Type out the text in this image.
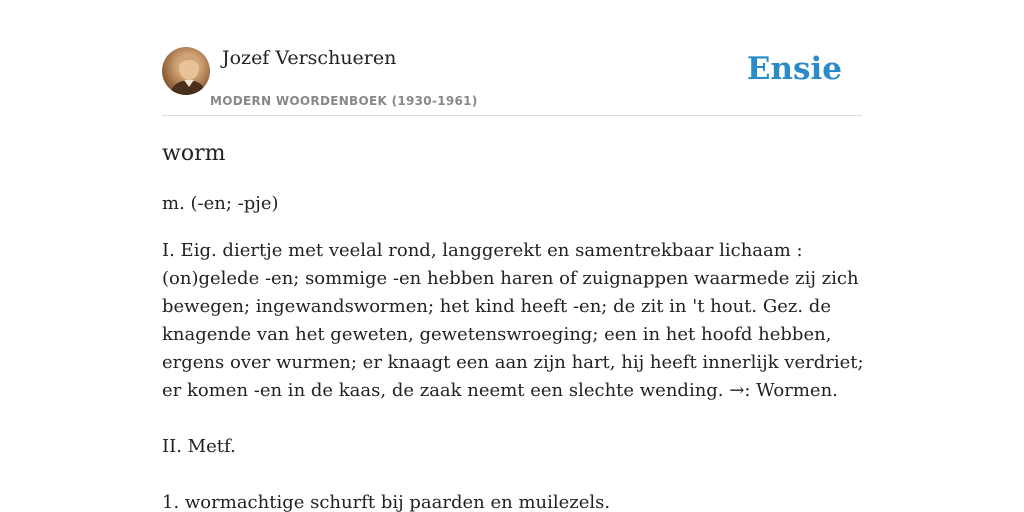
Jozef Verschueren
MODERN WOORDENBOEK (1930-1961)
Ensie
worm

m. (-en; -pje)

I. Eig. diertje met veelal rond, langgerekt en samentrekbaar lichaam : (on)gelede -en; sommige -en hebben haren of zuignappen waarmede zij zich bewegen; ingewandswormen; het kind heeft -en; de zit in 't hout. Gez. de knagende van het geweten, gewetenswroeging; een in het hoofd hebben, ergens over wurmen; er knaagt een aan zijn hart, hij heeft innerlijk verdriet; er komen -en in de kaas, de zaak neemt een slechte wending. →: Wormen.

II. Metf.

1. wormachtige schurft bij paarden en muilezels.
